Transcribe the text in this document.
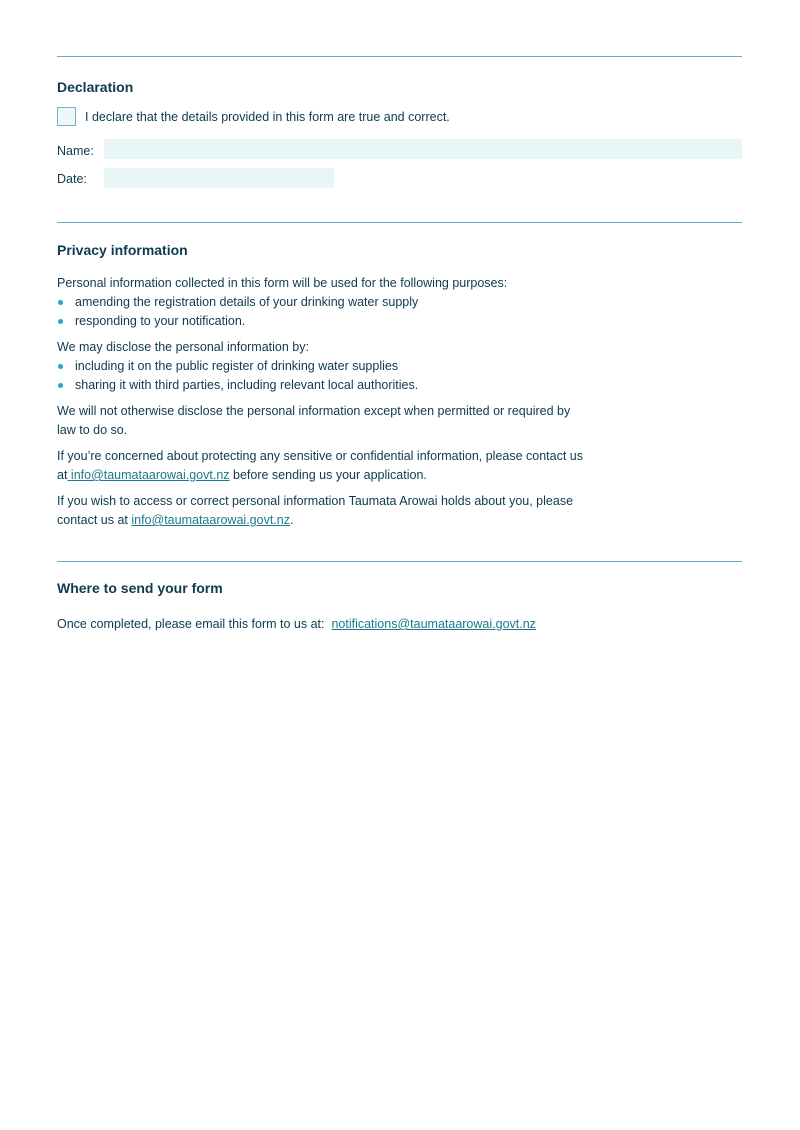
Declaration
I declare that the details provided in this form are true and correct.
Name:
Date:
Privacy information
Personal information collected in this form will be used for the following purposes:
amending the registration details of your drinking water supply
responding to your notification.
We may disclose the personal information by:
including it on the public register of drinking water supplies
sharing it with third parties, including relevant local authorities.
We will not otherwise disclose the personal information except when permitted or required by
law to do so.
If you’re concerned about protecting any sensitive or confidential information, please contact us
at info@taumataarowai.govt.nz before sending us your application.
If you wish to access or correct personal information Taumata Arowai holds about you, please
contact us at info@taumataarowai.govt.nz.
Where to send your form
Once completed, please email this form to us at: notifications@taumataarowai.govt.nz
